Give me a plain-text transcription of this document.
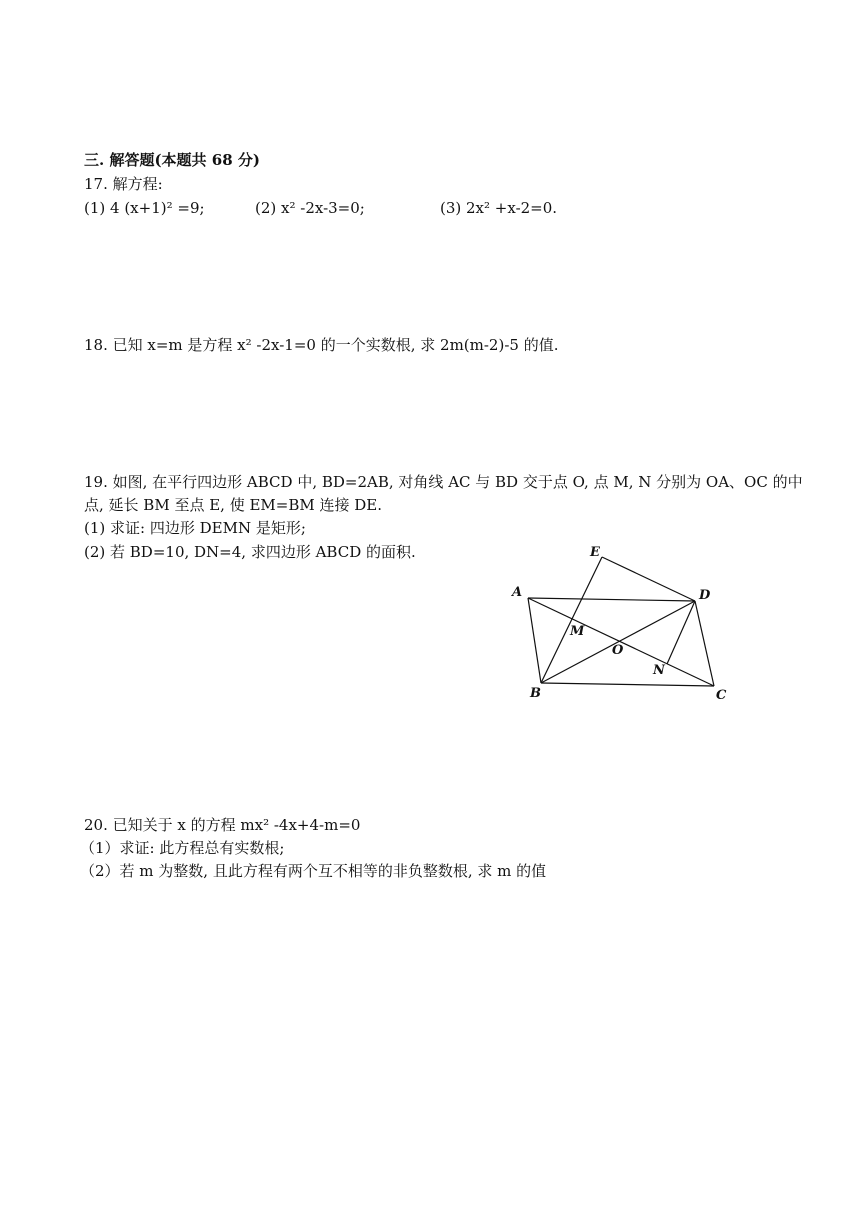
三. 解答题(本题共 68 分)
17. 解方程:
(1) 4 (x+1)² =9;	(2) x² -2x-3=0;	(3) 2x² +x-2=0.
18. 已知 x=m 是方程 x² -2x-1=0 的一个实数根, 求 2m(m-2)-5 的值.
19. 如图, 在平行四边形 ABCD 中, BD=2AB, 对角线 AC 与 BD 交于点 O, 点 M, N 分别为 OA、OC 的中
点, 延长 BM 至点 E, 使 EM=BM 连接 DE.
(1) 求证: 四边形 DEMN 是矩形;
(2) 若 BD=10, DN=4, 求四边形 ABCD 的面积.	E
A	D
M
O
N
B	C
20. 已知关于 x 的方程 mx² -4x+4-m=0
（1）求证: 此方程总有实数根;
（2）若 m 为整数, 且此方程有两个互不相等的非负整数根, 求 m 的值
